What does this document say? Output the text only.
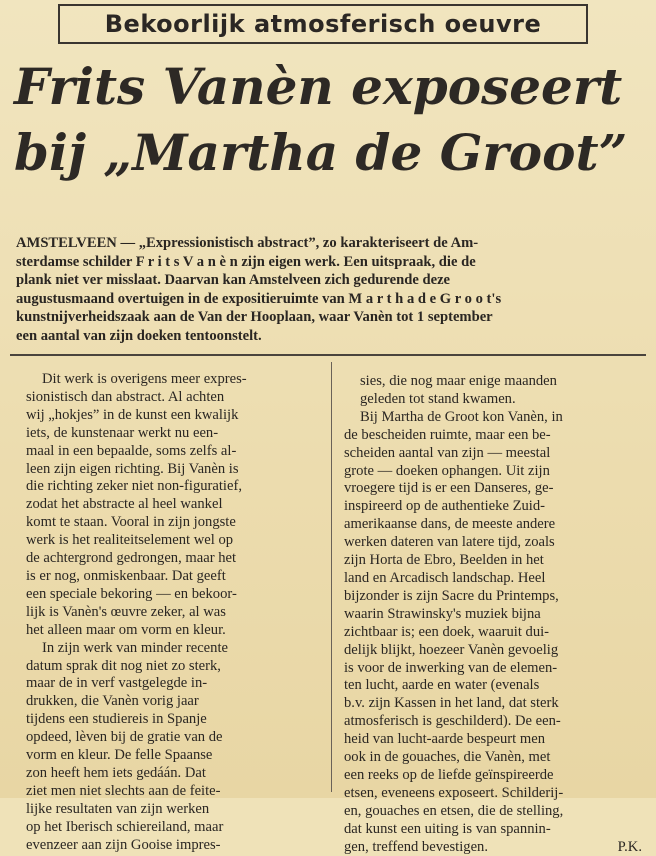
Bekoorlijk atmosferisch oeuvre
Frits Vanèn exposeert
bij „Martha de Groot”
AMSTELVEEN — „Expressionistisch abstract”, zo karakteriseert de Am-
sterdamse schilder F r i t s V a n è n zijn eigen werk. Een uitspraak, die de
plank niet ver misslaat. Daarvan kan Amstelveen zich gedurende deze
augustusmaand overtuigen in de expositieruimte van M a r t h a d e G r o o t's
kunstnijverheidszaak aan de Van der Hooplaan, waar Vanèn tot 1 september
een aantal van zijn doeken tentoonstelt.
Dit werk is overigens meer expres-
sionistisch dan abstract. Al achten
wij „hokjes” in de kunst een kwalijk
iets, de kunstenaar werkt nu een-
maal in een bepaalde, soms zelfs al-
leen zijn eigen richting. Bij Vanèn is
die richting zeker niet non-figuratief,
zodat het abstracte al heel wankel
komt te staan. Vooral in zijn jongste
werk is het realiteitselement wel op
de achtergrond gedrongen, maar het
is er nog, onmiskenbaar. Dat geeft
een speciale bekoring — en bekoor-
lijk is Vanèn's œuvre zeker, al was
het alleen maar om vorm en kleur.
In zijn werk van minder recente
datum sprak dit nog niet zo sterk,
maar de in verf vastgelegde in-
drukken, die Vanèn vorig jaar
tijdens een studiereis in Spanje
opdeed, lèven bij de gratie van de
vorm en kleur. De felle Spaanse
zon heeft hem iets gedáán. Dat
ziet men niet slechts aan de feite-
lijke resultaten van zijn werken
op het Iberisch schiereiland, maar
evenzeer aan zijn Gooise impres-
sies, die nog maar enige maanden
geleden tot stand kwamen.
Bij Martha de Groot kon Vanèn, in
de bescheiden ruimte, maar een be-
scheiden aantal van zijn — meestal
grote — doeken ophangen. Uit zijn
vroegere tijd is er een Danseres, ge-
inspireerd op de authentieke Zuid-
amerikaanse dans, de meeste andere
werken dateren van latere tijd, zoals
zijn Horta de Ebro, Beelden in het
land en Arcadisch landschap. Heel
bijzonder is zijn Sacre du Printemps,
waarin Strawinsky's muziek bijna
zichtbaar is; een doek, waaruit dui-
delijk blijkt, hoezeer Vanèn gevoelig
is voor de inwerking van de elemen-
ten lucht, aarde en water (evenals
b.v. zijn Kassen in het land, dat sterk
atmosferisch is geschilderd). De een-
heid van lucht-aarde bespeurt men
ook in de gouaches, die Vanèn, met
een reeks op de liefde geïnspireerde
etsen, eveneens exposeert. Schilderij-
en, gouaches en etsen, die de stelling,
dat kunst een uiting is van spannin-
gen, treffend bevestigen.	P.K.
